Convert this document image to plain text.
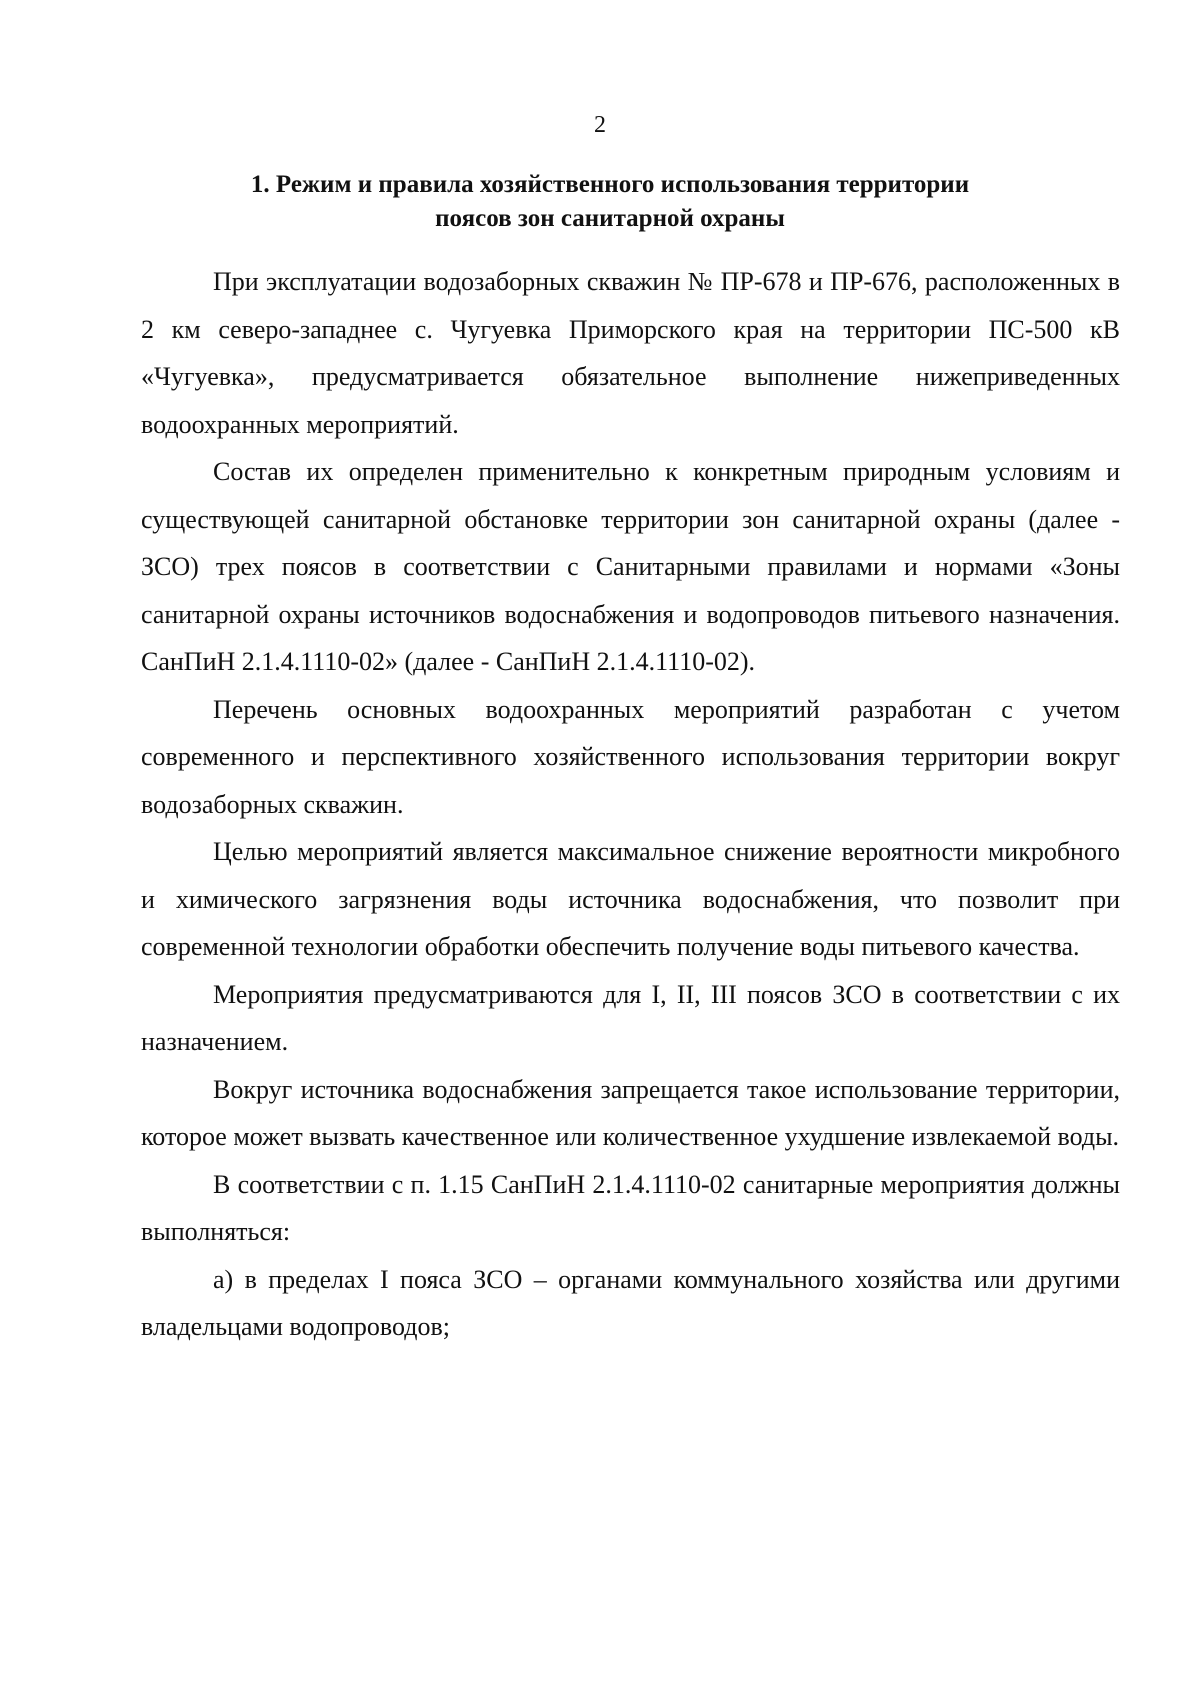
2
1. Режим и правила хозяйственного использования территории
поясов зон санитарной охраны

При эксплуатации водозаборных скважин № ПР-678 и ПР-676, расположенных в 2 км северо-западнее с. Чугуевка Приморского края на территории ПС-500 кВ «Чугуевка», предусматривается обязательное выполнение нижеприведенных водоохранных мероприятий.

Состав их определен применительно к конкретным природным условиям и существующей санитарной обстановке территории зон санитарной охраны (далее - ЗСО) трех поясов в соответствии с Санитарными правилами и нормами «Зоны санитарной охраны источников водоснабжения и водопроводов питьевого назначения. СанПиН 2.1.4.1110-02» (далее - СанПиН 2.1.4.1110-02).

Перечень основных водоохранных мероприятий разработан с учетом современного и перспективного хозяйственного использования территории вокруг водозаборных скважин.

Целью мероприятий является максимальное снижение вероятности микробного и химического загрязнения воды источника водоснабжения, что позволит при современной технологии обработки обеспечить получение воды питьевого качества.

Мероприятия предусматриваются для I, II, III поясов ЗСО в соответствии с их назначением.

Вокруг источника водоснабжения запрещается такое использование территории, которое может вызвать качественное или количественное ухудшение извлекаемой воды.

В соответствии с п. 1.15 СанПиН 2.1.4.1110-02 санитарные мероприятия должны выполняться:

а) в пределах I пояса ЗСО – органами коммунального хозяйства или другими владельцами водопроводов;
